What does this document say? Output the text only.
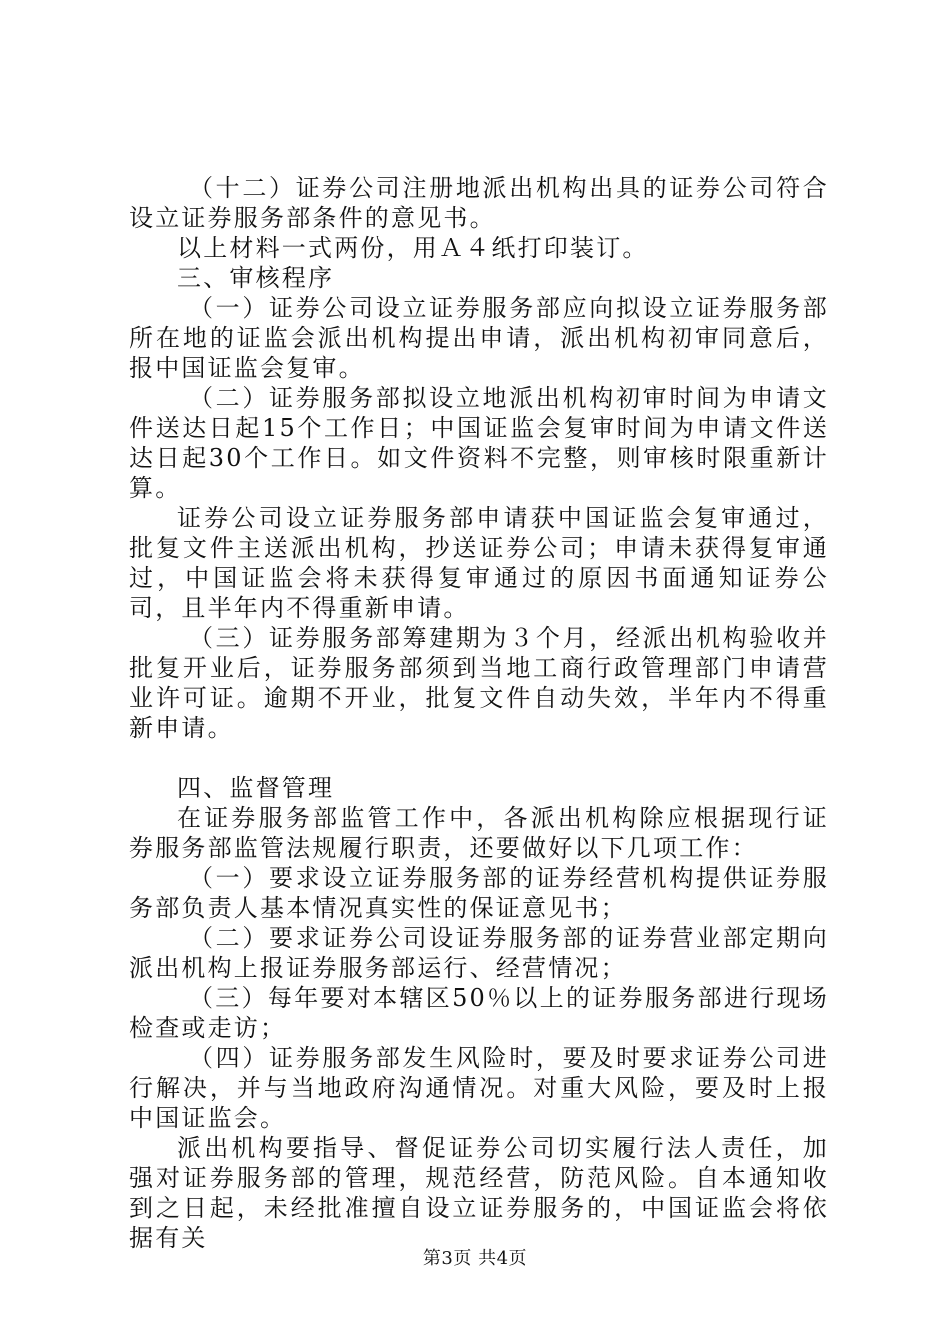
（十二）证券公司注册地派出机构出具的证券公司符合设立证券服务部条件的意见书。

以上材料一式两份，用Ａ４纸打印装订。

三、审核程序

（一）证券公司设立证券服务部应向拟设立证券服务部所在地的证监会派出机构提出申请，派出机构初审同意后，报中国证监会复审。

（二）证券服务部拟设立地派出机构初审时间为申请文件送达日起15个工作日；中国证监会复审时间为申请文件送达日起30个工作日。如文件资料不完整，则审核时限重新计算。

证券公司设立证券服务部申请获中国证监会复审通过，批复文件主送派出机构，抄送证券公司；申请未获得复审通过，中国证监会将未获得复审通过的原因书面通知证券公司，且半年内不得重新申请。

（三）证券服务部筹建期为３个月，经派出机构验收并批复开业后，证券服务部须到当地工商行政管理部门申请营业许可证。逾期不开业，批复文件自动失效，半年内不得重新申请。

四、监督管理

在证券服务部监管工作中，各派出机构除应根据现行证券服务部监管法规履行职责，还要做好以下几项工作：

（一）要求设立证券服务部的证券经营机构提供证券服务部负责人基本情况真实性的保证意见书；

（二）要求证券公司设证券服务部的证券营业部定期向派出机构上报证券服务部运行、经营情况；

（三）每年要对本辖区50％以上的证券服务部进行现场检查或走访；

（四）证券服务部发生风险时，要及时要求证券公司进行解决，并与当地政府沟通情况。对重大风险，要及时上报中国证监会。

派出机构要指导、督促证券公司切实履行法人责任，加强对证券服务部的管理，规范经营，防范风险。自本通知收到之日起，未经批准擅自设立证券服务的，中国证监会将依据有关

第3页 共4页
